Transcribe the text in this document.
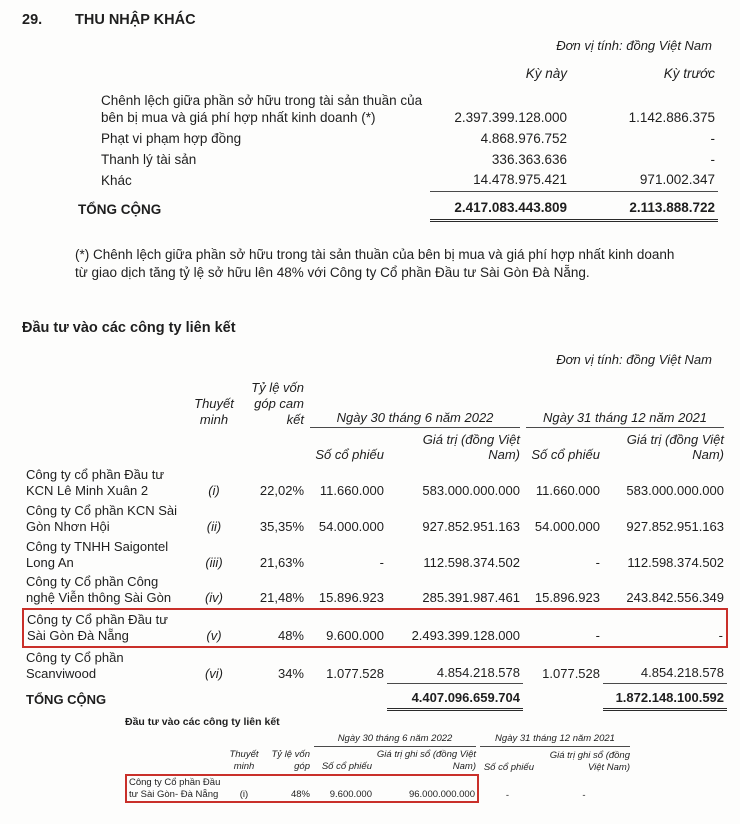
29. THU NHẬP KHÁC
Đơn vị tính: đồng Việt Nam
	Kỳ này	Kỳ trước

Chênh lệch giữa phần sở hữu trong tài sản thuần của bên bị mua và giá phí hợp nhất kinh doanh (*)	2.397.399.128.000	1.142.886.375
Phạt vi phạm hợp đồng	4.868.976.752	-
Thanh lý tài sản	336.363.636	-
Khác	14.478.975.421	971.002.347
TỔNG CỘNG	2.417.083.443.809	2.113.888.722
(*) Chênh lệch giữa phần sở hữu trong tài sản thuần của bên bị mua và giá phí hợp nhất kinh doanh từ giao dịch tăng tỷ lệ sở hữu lên 48% với Công ty Cổ phần Đầu tư Sài Gòn Đà Nẵng.
Đầu tư vào các công ty liên kết
Đơn vị tính: đồng Việt Nam
	Thuyết minh	Tỷ lệ vốn góp cam kết	Ngày 30 tháng 6 năm 2022		Ngày 31 tháng 12 năm 2021	

			Số cổ phiếu	Giá trị (đồng Việt Nam)	Số cổ phiếu	Giá trị (đồng Việt Nam)
Công ty cổ phần Đầu tư KCN Lê Minh Xuân 2	(i)	22,02%	11.660.000	583.000.000.000	11.660.000	583.000.000.000
Công ty Cổ phần KCN Sài Gòn Nhơn Hội	(ii)	35,35%	54.000.000	927.852.951.163	54.000.000	927.852.951.163
Công ty TNHH Saigontel Long An	(iii)	21,63%	-	112.598.374.502	-	112.598.374.502
Công ty Cổ phần Công nghệ Viễn thông Sài Gòn	(iv)	21,48%	15.896.923	285.391.987.461	15.896.923	243.842.556.349
Công ty Cổ phần Đầu tư Sài Gòn Đà Nẵng	(v)	48%	9.600.000	2.493.399.128.000	-	-
Công ty Cổ phần Scanviwood	(vi)	34%	1.077.528	4.854.218.578	1.077.528	4.854.218.578
TỔNG CỘNG				4.407.096.659.704		1.872.148.100.592
Đầu tư vào các công ty liên kết

			Ngày 30 tháng 6 năm 2022		Ngày 31 tháng 12 năm 2021	

	Thuyết minh	Tỷ lệ vốn góp	Số cổ phiếu	Giá trị ghi sổ (đồng Việt Nam)	Số cổ phiếu	Giá trị ghi sổ (đồng Việt Nam)
Công ty Cổ phần Đầu tư Sài Gòn- Đà Nẵng	(i)	48%	9.600.000	96.000.000.000	-	-
